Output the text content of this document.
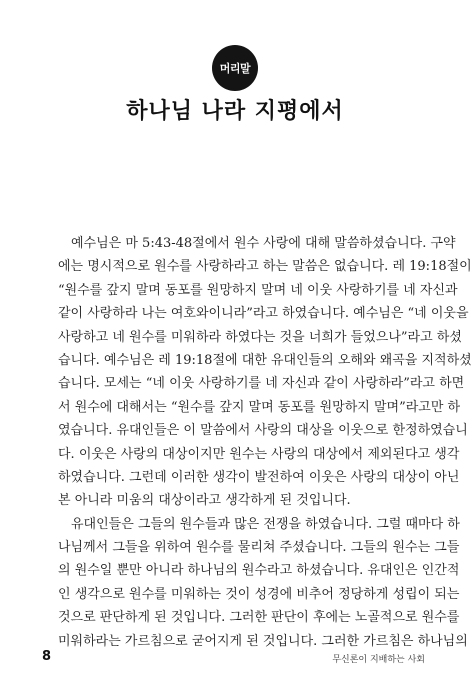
머리말
하나님 나라 지평에서
예수님은 마 5:43-48절에서 원수 사랑에 대해 말씀하셨습니다. 구약
에는 명시적으로 원수를 사랑하라고 하는 말씀은 없습니다. 레 19:18절이
“원수를 갚지 말며 동포를 원망하지 말며 네 이웃 사랑하기를 네 자신과
같이 사랑하라 나는 여호와이니라”라고 하였습니다. 예수님은 “네 이웃을
사랑하고 네 원수를 미워하라 하였다는 것을 너희가 들었으나”라고 하셨
습니다. 예수님은 레 19:18절에 대한 유대인들의 오해와 왜곡을 지적하셨
습니다. 모세는 “네 이웃 사랑하기를 네 자신과 같이 사랑하라”라고 하면
서 원수에 대해서는 “원수를 갚지 말며 동포를 원망하지 말며”라고만 하
였습니다. 유대인들은 이 말씀에서 사랑의 대상을 이웃으로 한정하였습니
다. 이웃은 사랑의 대상이지만 원수는 사랑의 대상에서 제외된다고 생각
하였습니다. 그런데 이러한 생각이 발전하여 이웃은 사랑의 대상이 아닌
본 아니라 미움의 대상이라고 생각하게 된 것입니다.
유대인들은 그들의 원수들과 많은 전쟁을 하였습니다. 그럴 때마다 하
나님께서 그들을 위하여 원수를 물리쳐 주셨습니다. 그들의 원수는 그들
의 원수일 뿐만 아니라 하나님의 원수라고 하셨습니다. 유대인은 인간적
인 생각으로 원수를 미워하는 것이 성경에 비추어 정당하게 성립이 되는
것으로 판단하게 된 것입니다. 그러한 판단이 후에는 노골적으로 원수를
미워하라는 가르침으로 굳어지게 된 것입니다. 그러한 가르침은 하나님의
8	무신론이 지배하는 사회
